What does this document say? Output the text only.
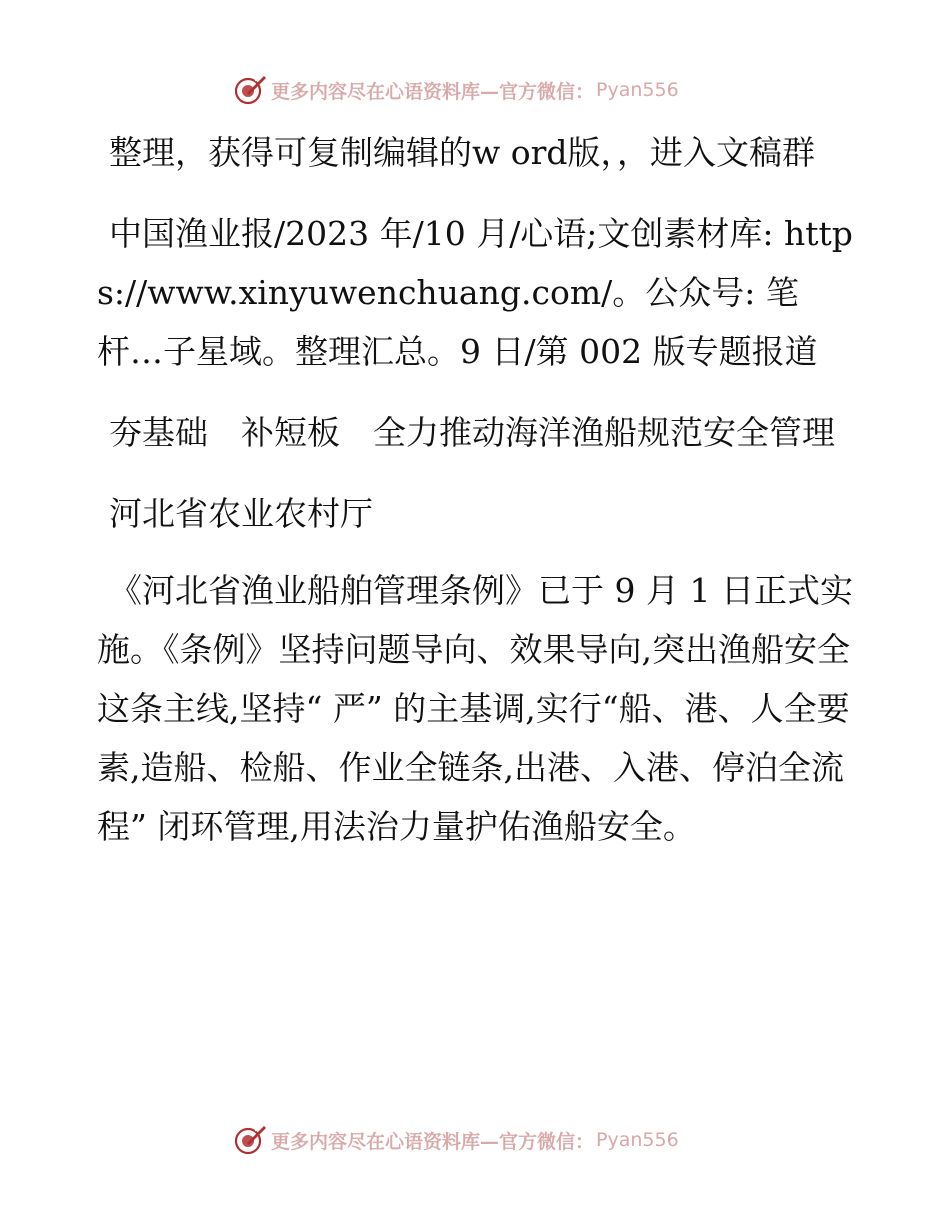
更多内容尽在心语资料库—官方微信： Pyan556

整理，获得可复制编辑的w ord版，，进入文稿群

中国渔业报/2023 年/10 月/心语;文创素材库: https://www.xinyuwenchuang.com/。公众号: 笔杆…子星域。整理汇总。9 日/第 002 版专题报道

夯基础　补短板　全力推动海洋渔船规范安全管理

河北省农业农村厅

《河北省渔业船舶管理条例》已于 9 月 1 日正式实施。《条例》坚持问题导向、效果导向,突出渔船安全这条主线,坚持“ 严” 的主基调,实行“船、港、人全要素,造船、检船、作业全链条,出港、入港、停泊全流程” 闭环管理,用法治力量护佑渔船安全。

更多内容尽在心语资料库—官方微信： Pyan556
